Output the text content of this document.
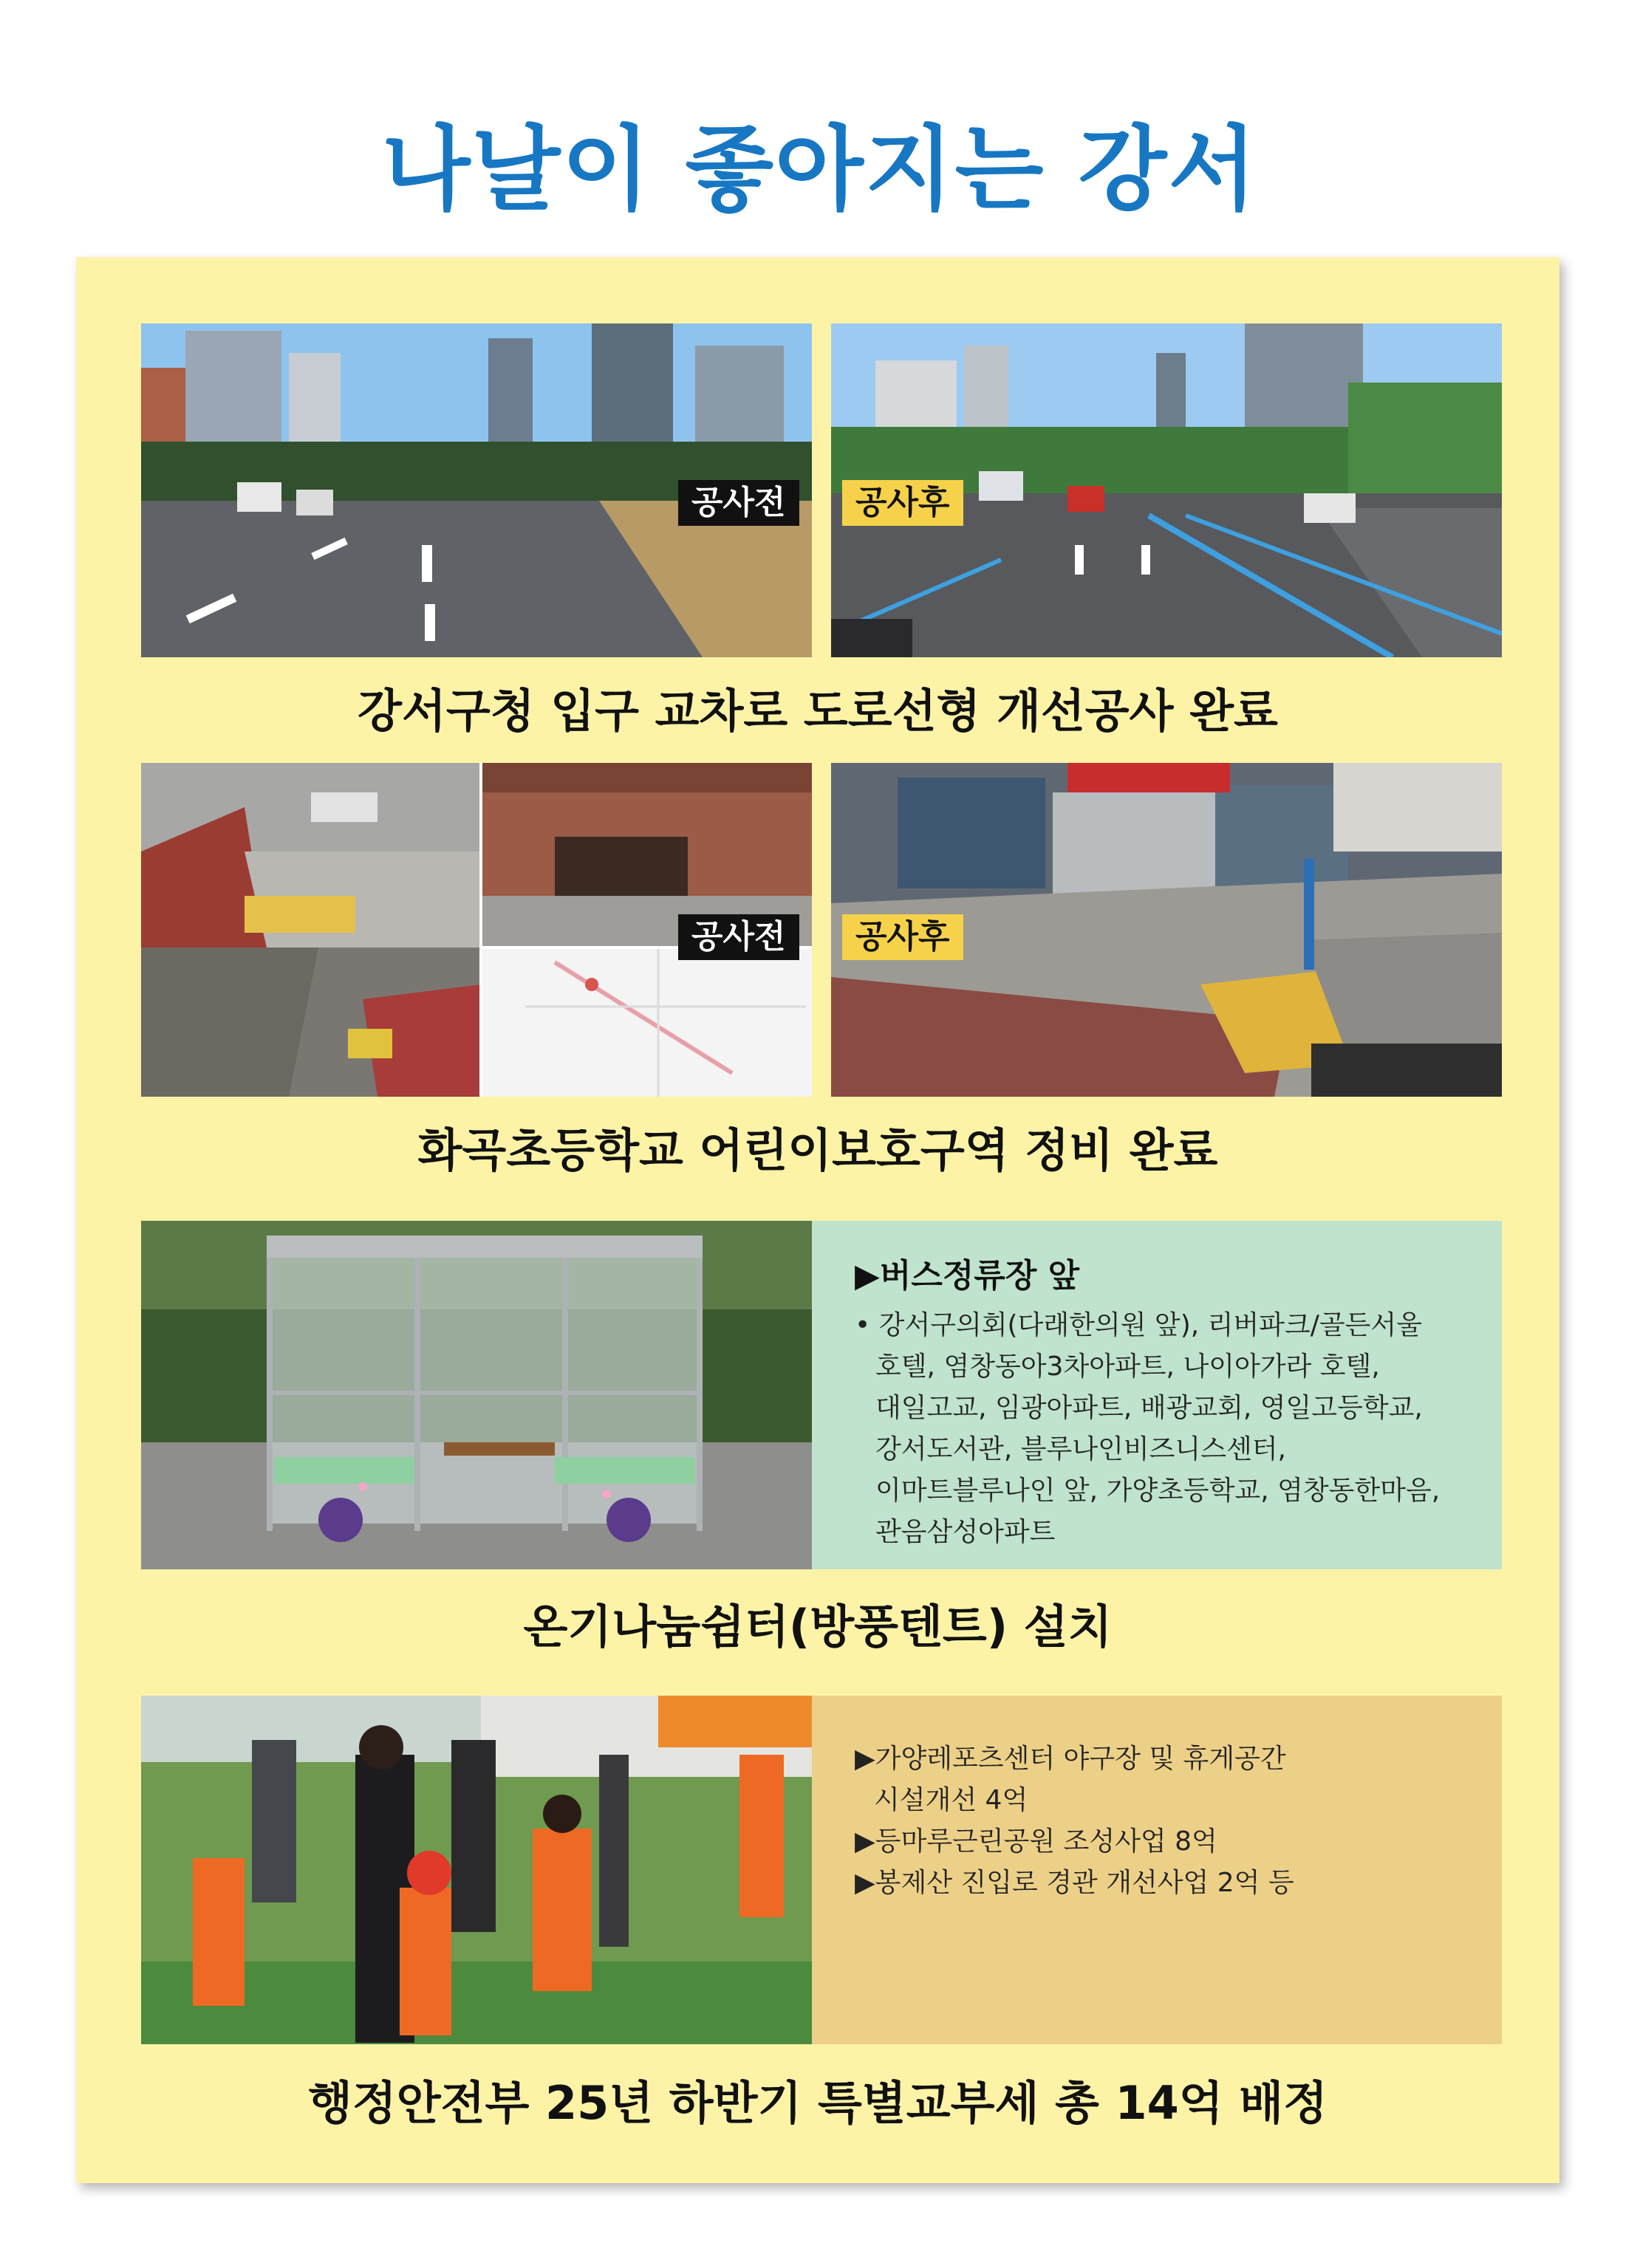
나날이 좋아지는 강서
공사전	공사후
강서구청 입구 교차로 도로선형 개선공사 완료
공사전	공사후
화곡초등학교 어린이보호구역 정비 완료
▶버스정류장 앞
• 강서구의회(다래한의원 앞), 리버파크/골든서울
호텔, 염창동아3차아파트, 나이아가라 호텔,
대일고교, 임광아파트, 배광교회, 영일고등학교,
강서도서관, 블루나인비즈니스센터,
이마트블루나인 앞, 가양초등학교, 염창동한마음,
관음삼성아파트
온기나눔쉼터(방풍텐트) 설치
▶가양레포츠센터 야구장 및 휴게공간
시설개선 4억
▶등마루근린공원 조성사업 8억
▶봉제산 진입로 경관 개선사업 2억 등
행정안전부 25년 하반기 특별교부세 총 14억 배정
